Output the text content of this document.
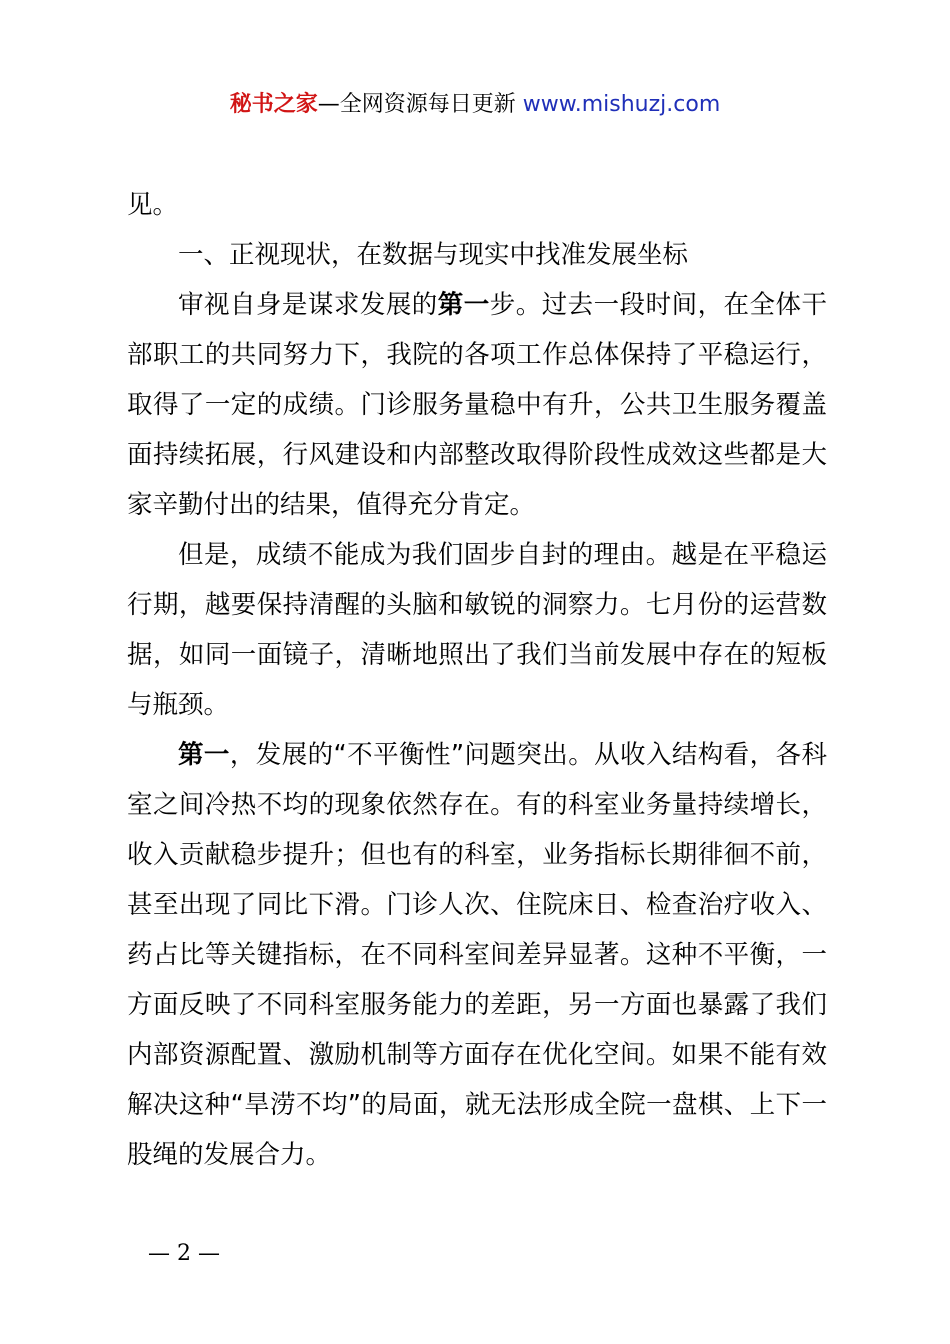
秘书之家—全网资源每日更新 www.mishuzj.com

见。

一、正视现状，在数据与现实中找准发展坐标

审视自身是谋求发展的第一步。过去一段时间，在全体干部职工的共同努力下，我院的各项工作总体保持了平稳运行，取得了一定的成绩。门诊服务量稳中有升，公共卫生服务覆盖面持续拓展，行风建设和内部整改取得阶段性成效这些都是大家辛勤付出的结果，值得充分肯定。

但是，成绩不能成为我们固步自封的理由。越是在平稳运行期，越要保持清醒的头脑和敏锐的洞察力。七月份的运营数据，如同一面镜子，清晰地照出了我们当前发展中存在的短板与瓶颈。

第一，发展的“不平衡性”问题突出。从收入结构看，各科室之间冷热不均的现象依然存在。有的科室业务量持续增长，收入贡献稳步提升；但也有的科室，业务指标长期徘徊不前，甚至出现了同比下滑。门诊人次、住院床日、检查治疗收入、药占比等关键指标，在不同科室间差异显著。这种不平衡，一方面反映了不同科室服务能力的差距，另一方面也暴露了我们内部资源配置、激励机制等方面存在优化空间。如果不能有效解决这种“旱涝不均”的局面，就无法形成全院一盘棋、上下一股绳的发展合力。

— 2 —
